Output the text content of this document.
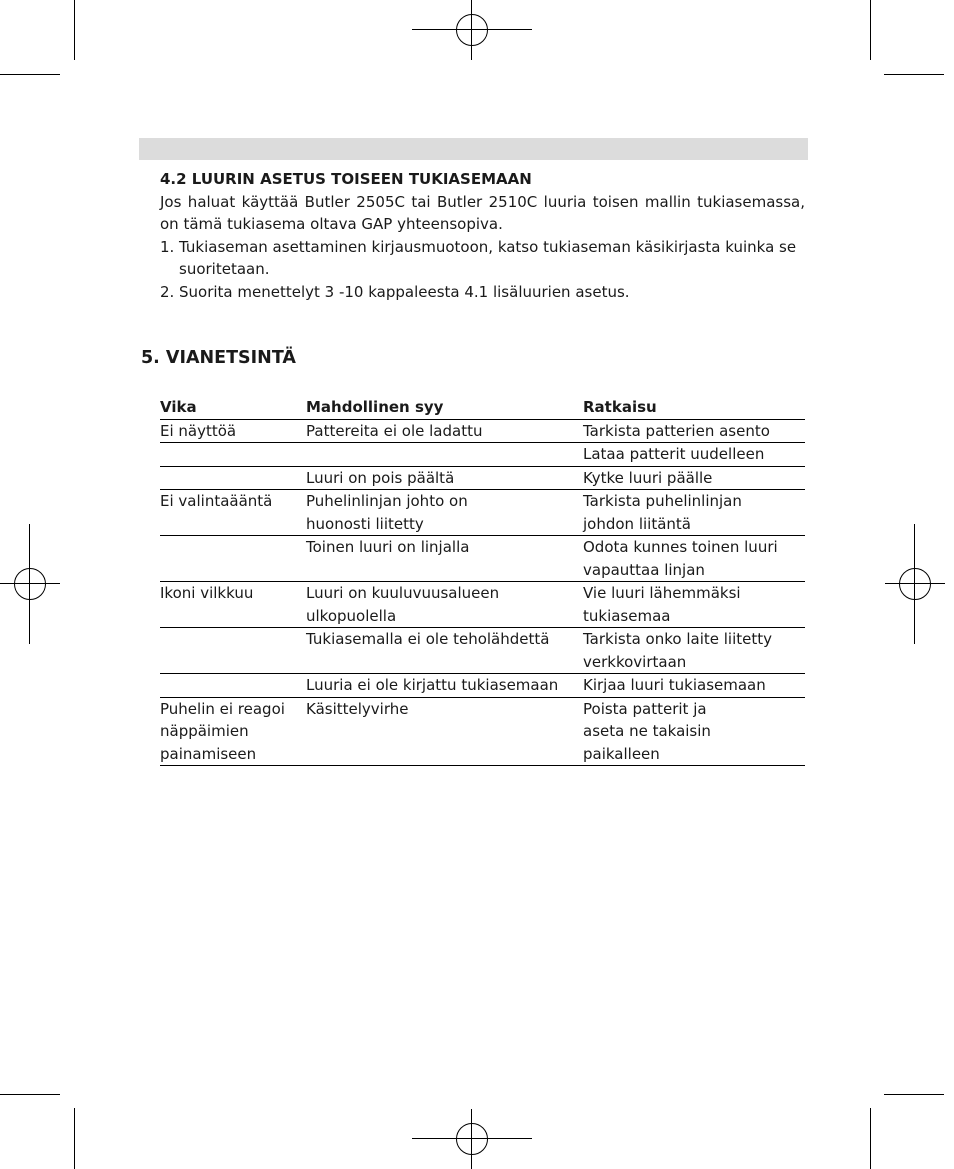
4.2 LUURIN ASETUS TOISEEN TUKIASEMAAN

Jos haluat käyttää Butler 2505C tai Butler 2510C luuria toisen mallin tukiasemassa, on tämä tukiasema oltava GAP yhteensopiva.

1. Tukiaseman asettaminen kirjausmuotoon, katso tukiaseman käsikirjasta kuinka se suoritetaan.
2. Suorita menettelyt 3 -10 kappaleesta 4.1 lisäluurien asetus.
5. VIANETSINTÄ
Vika	Mahdollinen syy	Ratkaisu
Ei näyttöä	Pattereita ei ole ladattu	Tarkista patterien asento
		Lataa patterit uudelleen
	Luuri on pois päältä	Kytke luuri päälle
Ei valintaääntä	Puhelinlinjan johto on huonosti liitetty	Tarkista puhelinlinjan johdon liitäntä
	Toinen luuri on linjalla	Odota kunnes toinen luuri vapauttaa linjan
Ikoni vilkkuu	Luuri on kuuluvuusalueen ulkopuolella	Vie luuri lähemmäksi tukiasemaa
	Tukiasemalla ei ole teholähdettä	Tarkista onko laite liitetty verkkovirtaan
	Luuria ei ole kirjattu tukiasemaan	Kirjaa luuri tukiasemaan
Puhelin ei reagoi näppäimien painamiseen	Käsittelyvirhe	Poista patterit ja aseta ne takaisin paikalleen
